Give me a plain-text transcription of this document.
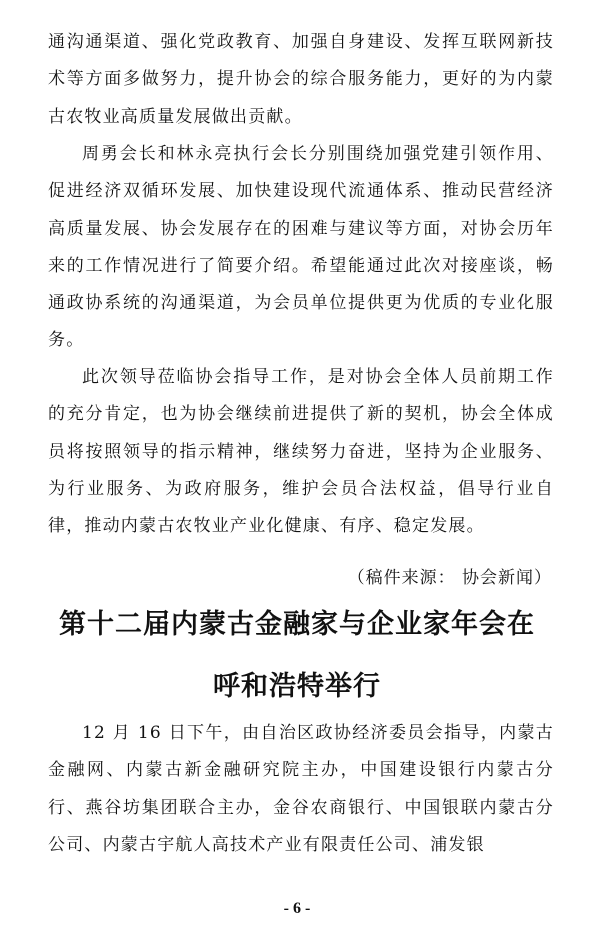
通沟通渠道、强化党政教育、加强自身建设、发挥互联网新技术等方面多做努力，提升协会的综合服务能力，更好的为内蒙古农牧业高质量发展做出贡献。

周勇会长和林永亮执行会长分别围绕加强党建引领作用、促进经济双循环发展、加快建设现代流通体系、推动民营经济高质量发展、协会发展存在的困难与建议等方面，对协会历年来的工作情况进行了简要介绍。希望能通过此次对接座谈，畅通政协系统的沟通渠道，为会员单位提供更为优质的专业化服务。

此次领导莅临协会指导工作，是对协会全体人员前期工作的充分肯定，也为协会继续前进提供了新的契机，协会全体成员将按照领导的指示精神，继续努力奋进，坚持为企业服务、为行业服务、为政府服务，维护会员合法权益，倡导行业自律，推动内蒙古农牧业产业化健康、有序、稳定发展。

（稿件来源： 协会新闻）

第十二届内蒙古金融家与企业家年会在
呼和浩特举行

12 月 16 日下午，由自治区政协经济委员会指导，内蒙古金融网、内蒙古新金融研究院主办，中国建设银行内蒙古分行、燕谷坊集团联合主办，金谷农商银行、中国银联内蒙古分公司、内蒙古宇航人高技术产业有限责任公司、浦发银

- 6 -
